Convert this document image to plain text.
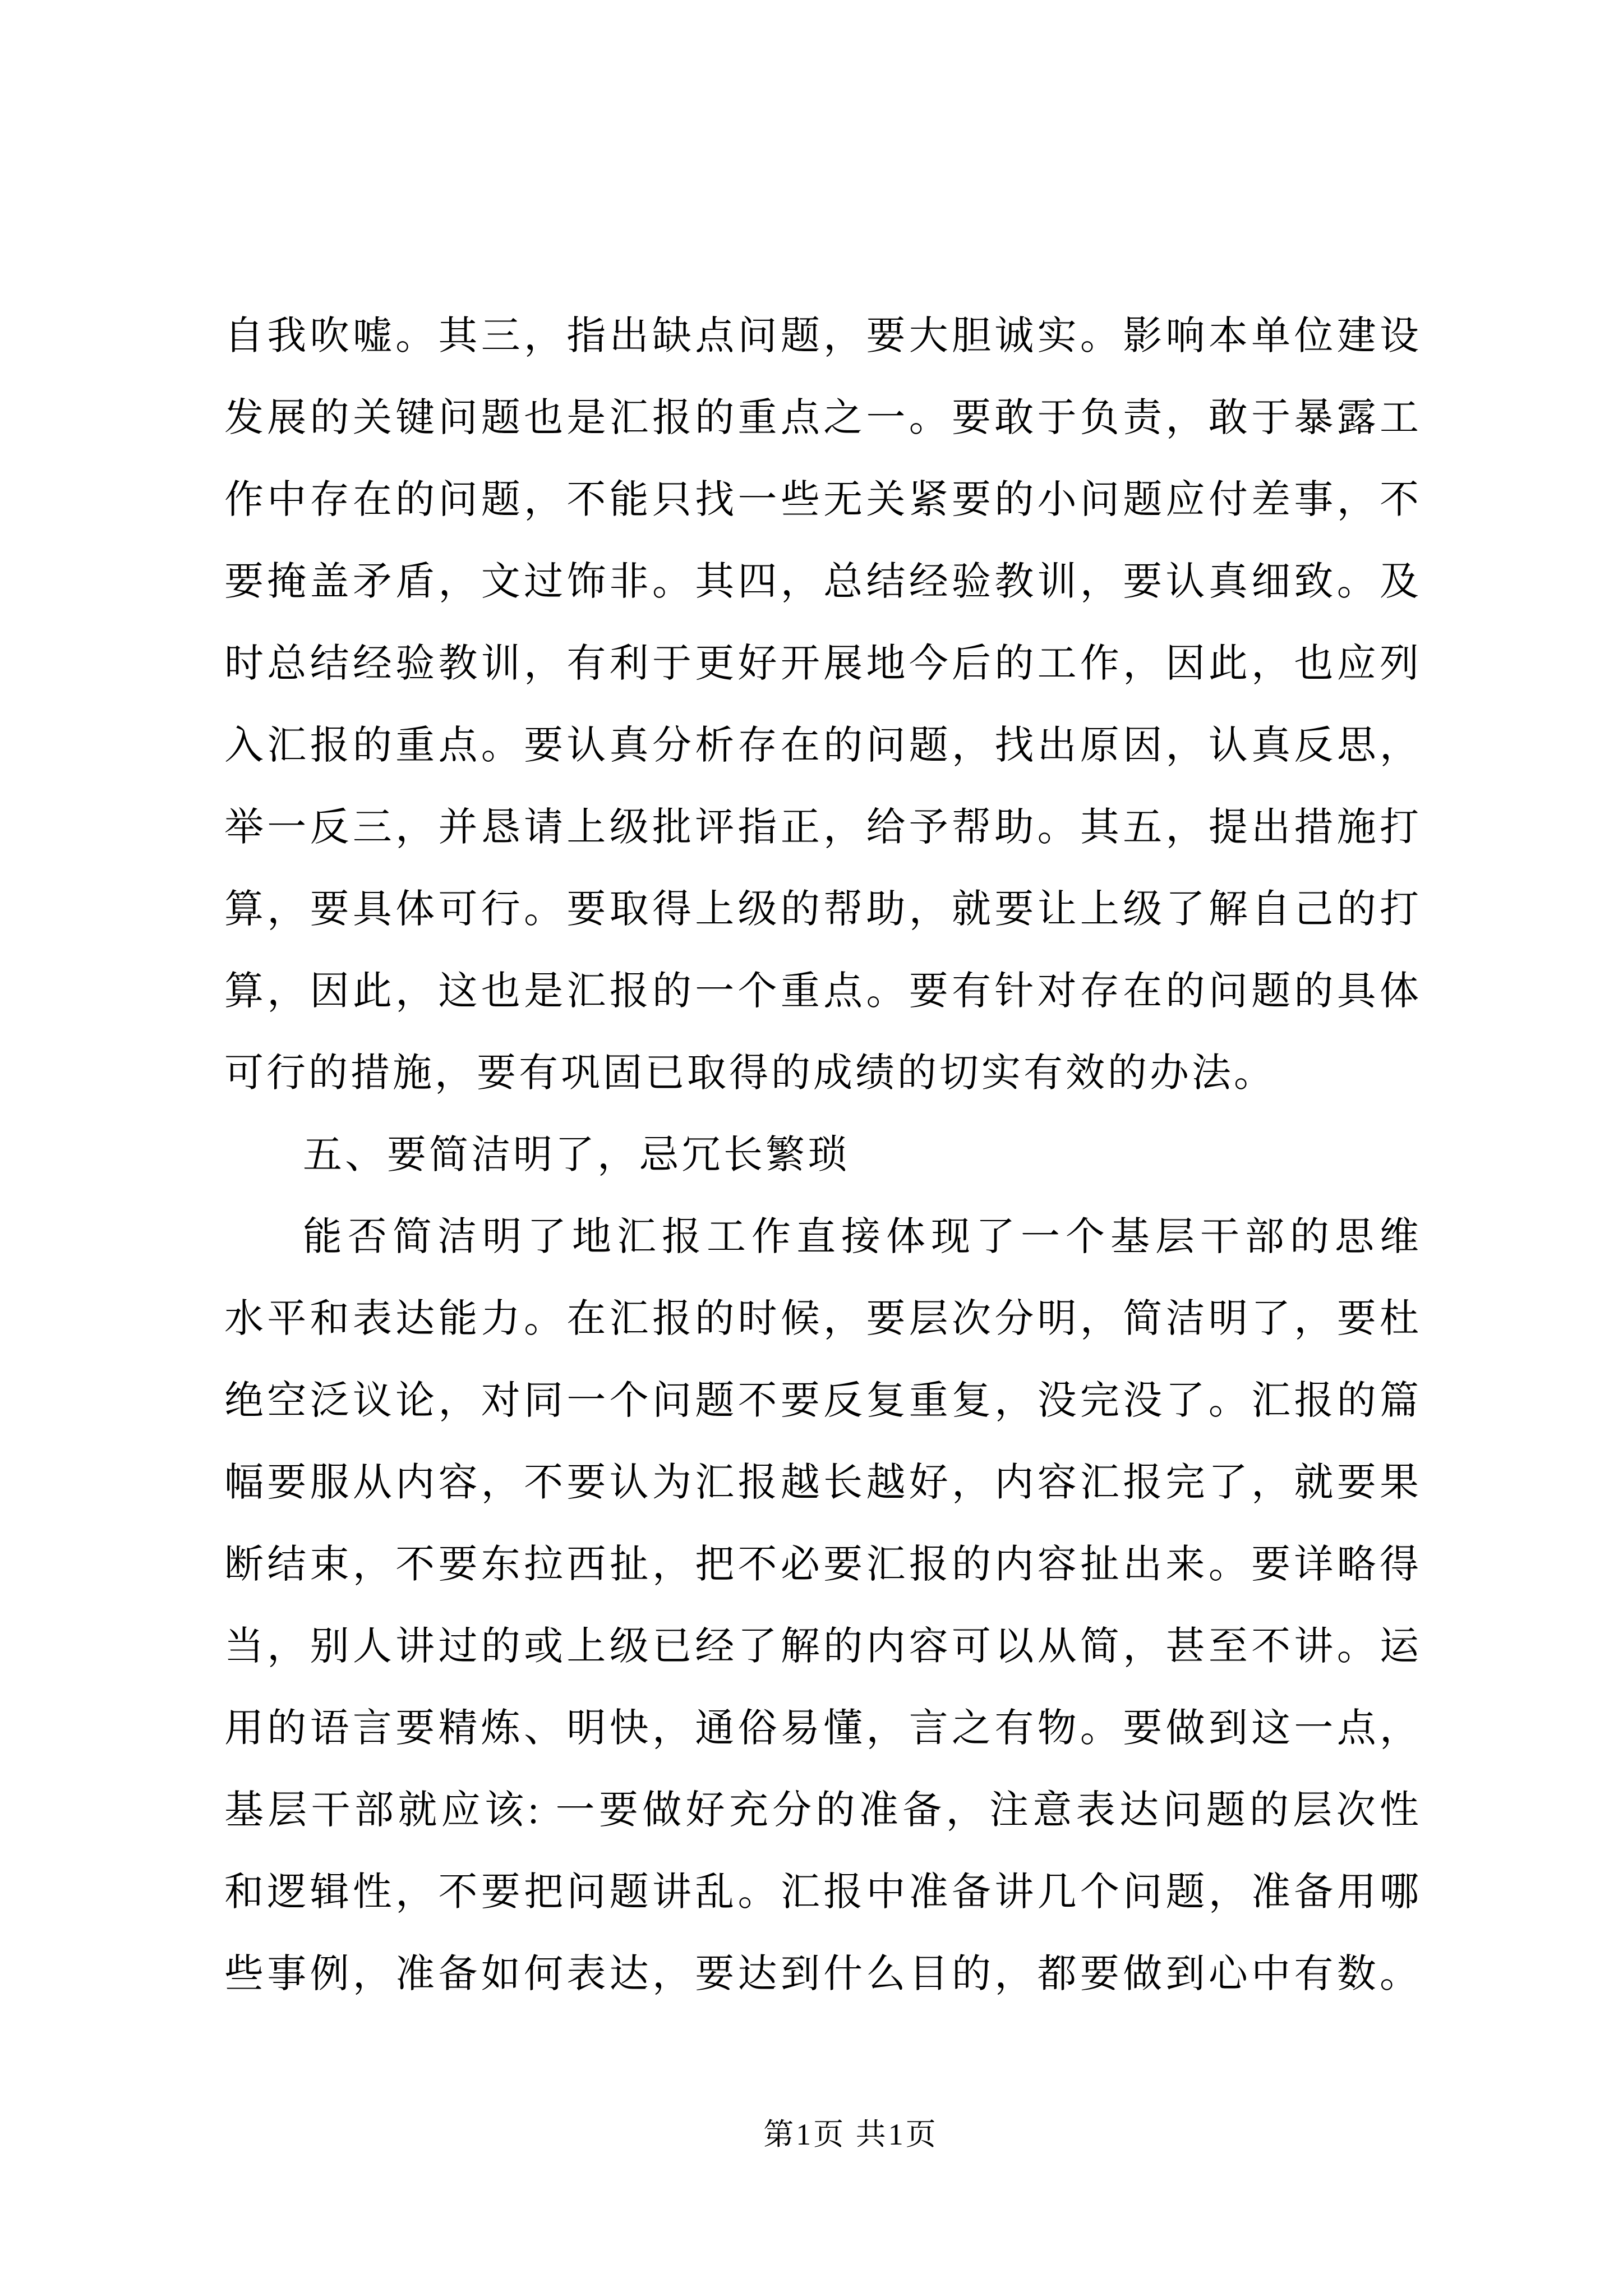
自我吹嘘。其三，指出缺点问题，要大胆诚实。影响本单位建设
发展的关键问题也是汇报的重点之一。要敢于负责，敢于暴露工
作中存在的问题，不能只找一些无关紧要的小问题应付差事，不
要掩盖矛盾，文过饰非。其四，总结经验教训，要认真细致。及
时总结经验教训，有利于更好开展地今后的工作，因此，也应列
入汇报的重点。要认真分析存在的问题，找出原因，认真反思，
举一反三，并恳请上级批评指正，给予帮助。其五，提出措施打
算，要具体可行。要取得上级的帮助，就要让上级了解自己的打
算，因此，这也是汇报的一个重点。要有针对存在的问题的具体
可行的措施，要有巩固已取得的成绩的切实有效的办法。
五、要简洁明了，忌冗长繁琐
能否简洁明了地汇报工作直接体现了一个基层干部的思维
水平和表达能力。在汇报的时候，要层次分明，简洁明了，要杜
绝空泛议论，对同一个问题不要反复重复，没完没了。汇报的篇
幅要服从内容，不要认为汇报越长越好，内容汇报完了，就要果
断结束，不要东拉西扯，把不必要汇报的内容扯出来。要详略得
当，别人讲过的或上级已经了解的内容可以从简，甚至不讲。运
用的语言要精炼、明快，通俗易懂，言之有物。要做到这一点，
基层干部就应该: 一要做好充分的准备，注意表达问题的层次性
和逻辑性，不要把问题讲乱。汇报中准备讲几个问题，准备用哪
些事例，准备如何表达，要达到什么目的，都要做到心中有数。
第1页 共1页
